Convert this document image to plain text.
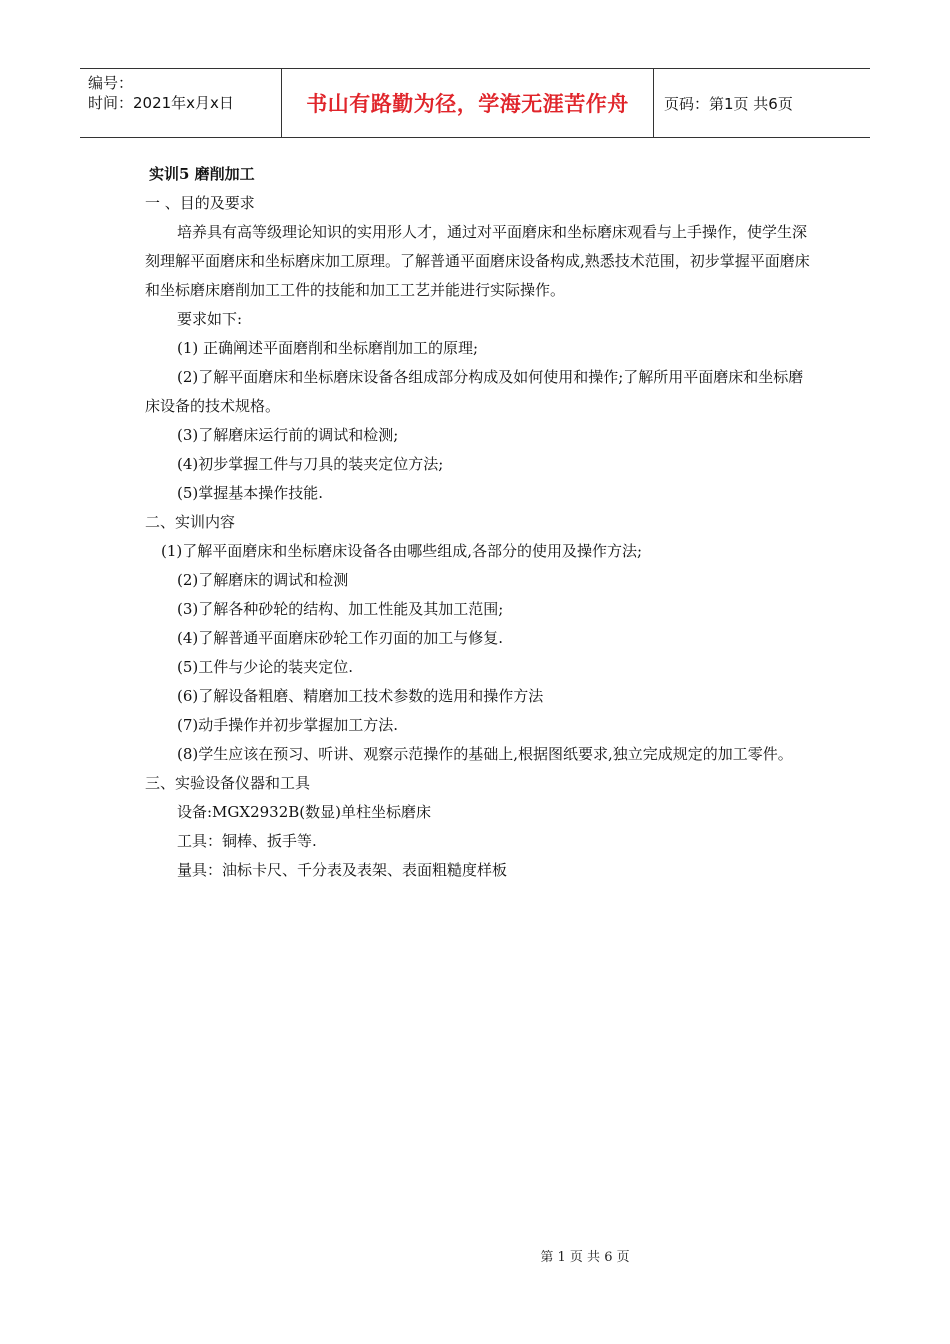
编号：
时间：2021年x月x日	书山有路勤为径，学海无涯苦作舟	页码：第1页 共6页

实训5 磨削加工

一 、目的及要求

培养具有高等级理论知识的实用形人才，通过对平面磨床和坐标磨床观看与上手操作，使学生深刻理解平面磨床和坐标磨床加工原理。了解普通平面磨床设备构成,熟悉技术范围，初步掌握平面磨床和坐标磨床磨削加工工件的技能和加工工艺并能进行实际操作。

要求如下:

(1) 正确阐述平面磨削和坐标磨削加工的原理;

(2)了解平面磨床和坐标磨床设备各组成部分构成及如何使用和操作;了解所用平面磨床和坐标磨床设备的技术规格。

(3)了解磨床运行前的调试和检测;

(4)初步掌握工件与刀具的装夹定位方法;

(5)掌握基本操作技能.

二、实训内容

(1)了解平面磨床和坐标磨床设备各由哪些组成,各部分的使用及操作方法;

(2)了解磨床的调试和检测

(3)了解各种砂轮的结构、加工性能及其加工范围;

(4)了解普通平面磨床砂轮工作刃面的加工与修复.

(5)工件与少论的装夹定位.

(6)了解设备粗磨、精磨加工技术参数的选用和操作方法

(7)动手操作并初步掌握加工方法.

(8)学生应该在预习、听讲、观察示范操作的基础上,根据图纸要求,独立完成规定的加工零件。

三、实验设备仪器和工具

设备:MGX2932B(数显)单柱坐标磨床

工具：铜棒、扳手等.

量具：油标卡尺、千分表及表架、表面粗糙度样板

第 1 页 共 6 页
